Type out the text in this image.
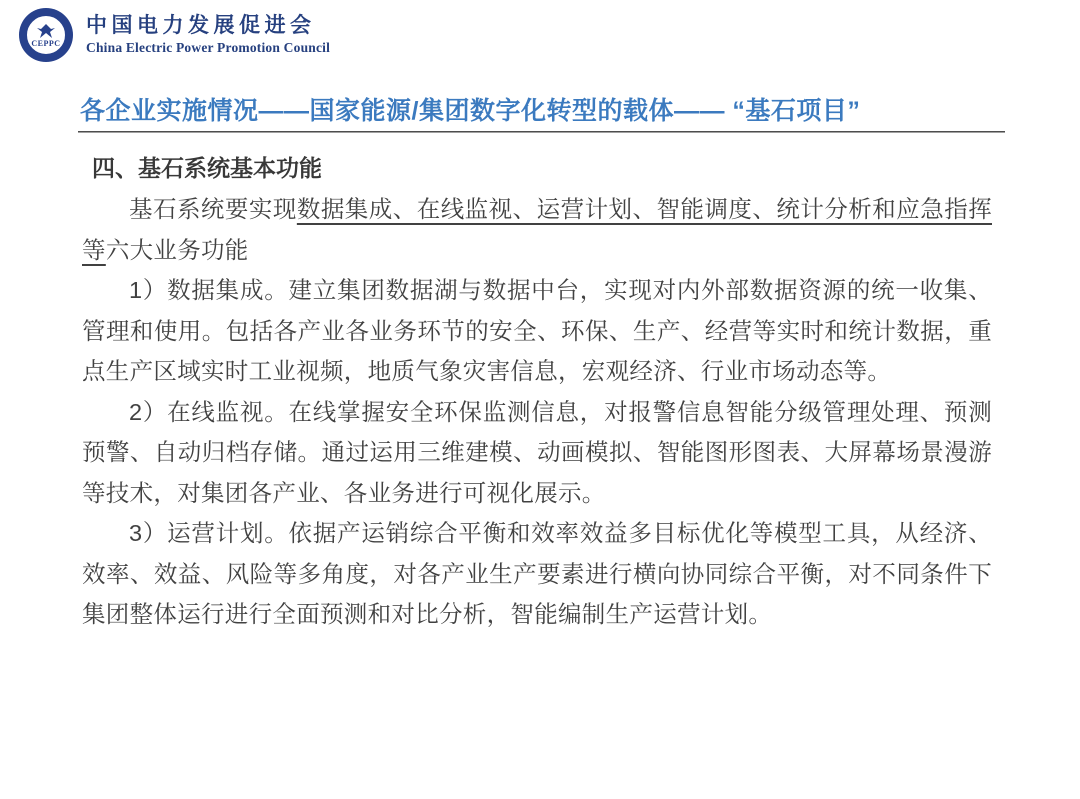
CEPPC
中国电力发展促进会
China Electric Power Promotion Council
各企业实施情况——国家能源/集团数字化转型的载体—— “基石项目”
四、基石系统基本功能

基石系统要实现数据集成、在线监视、运营计划、智能调度、统计分析和应急指挥等六大业务功能

1）数据集成。建立集团数据湖与数据中台，实现对内外部数据资源的统一收集、管理和使用。包括各产业各业务环节的安全、环保、生产、经营等实时和统计数据，重点生产区域实时工业视频，地质气象灾害信息，宏观经济、行业市场动态等。

2）在线监视。在线掌握安全环保监测信息，对报警信息智能分级管理处理、预测预警、自动归档存储。通过运用三维建模、动画模拟、智能图形图表、大屏幕场景漫游等技术，对集团各产业、各业务进行可视化展示。

3）运营计划。依据产运销综合平衡和效率效益多目标优化等模型工具，从经济、效率、效益、风险等多角度，对各产业生产要素进行横向协同综合平衡，对不同条件下集团整体运行进行全面预测和对比分析，智能编制生产运营计划。
